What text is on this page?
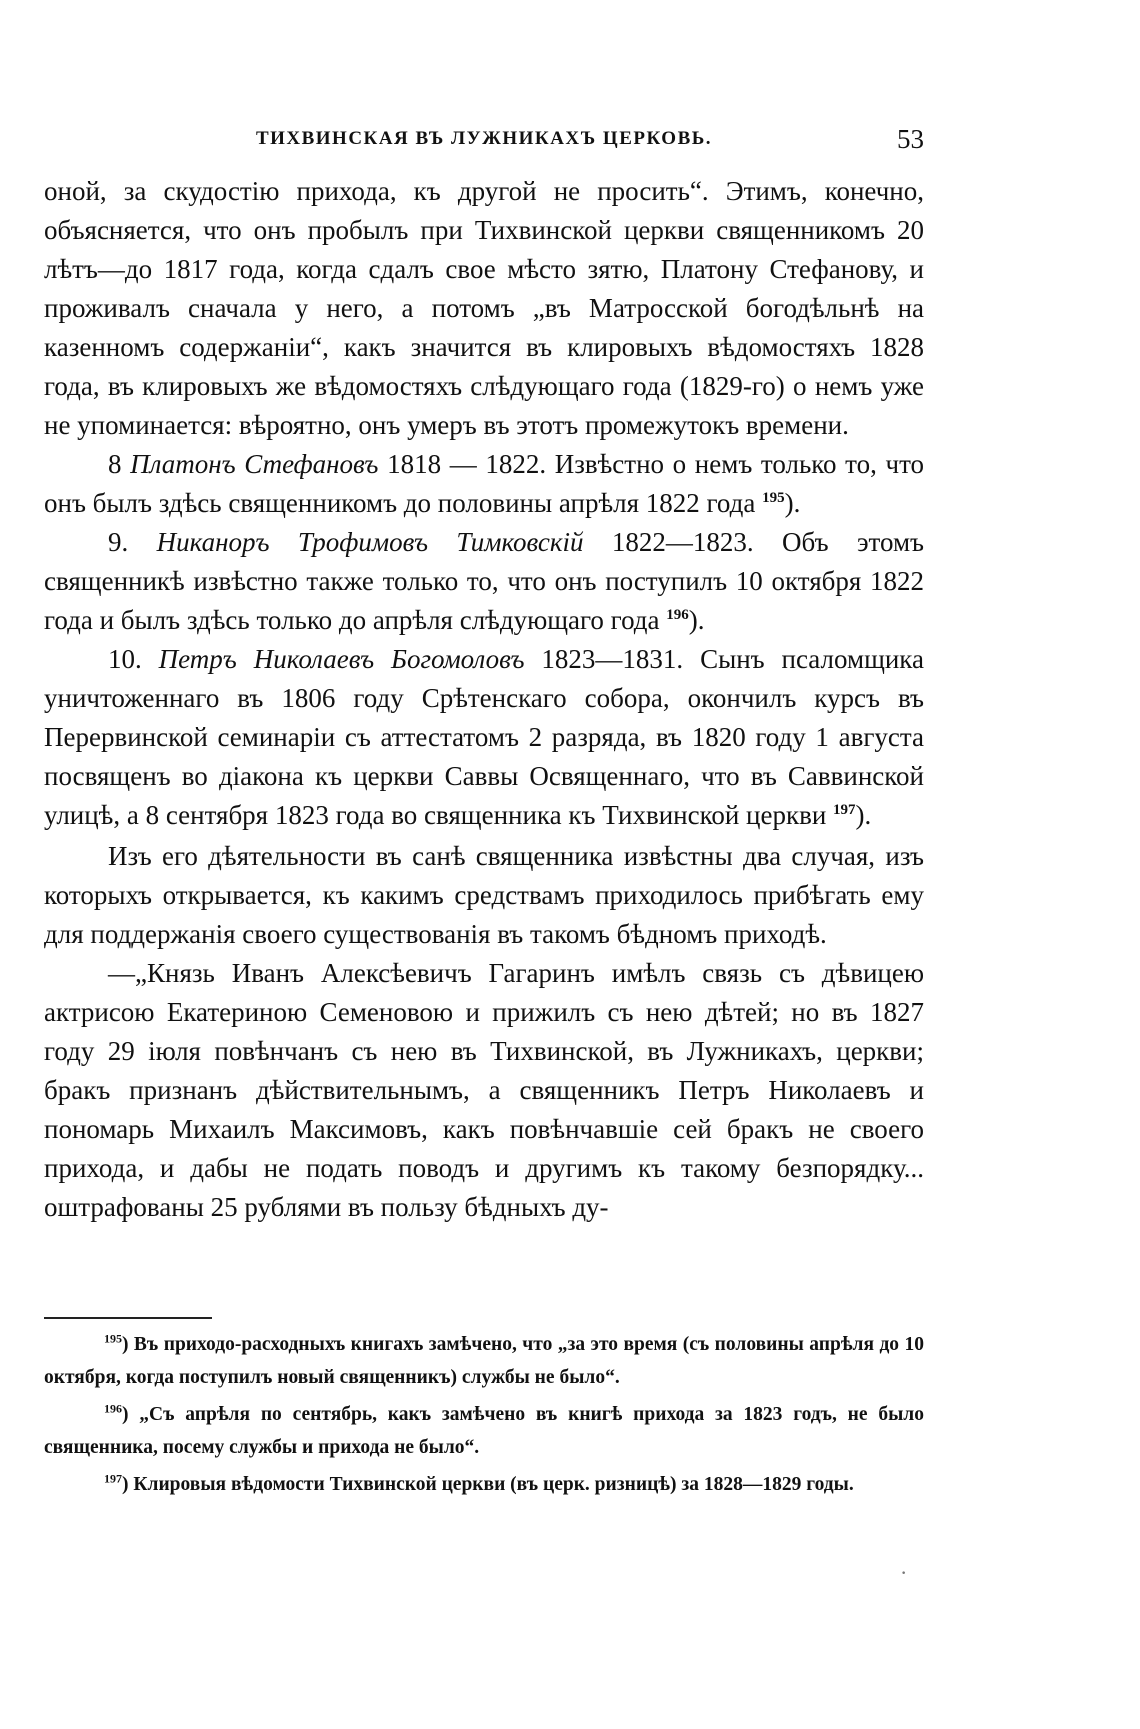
ТИХВИНСКАЯ ВЪ ЛУЖНИКАХЪ ЦЕРКОВЬ.	53

оной, за скудостію прихода, къ другой не просить“. Этимъ, конечно, объясняется, что онъ пробылъ при Тихвинской церкви священникомъ 20 лѣтъ—до 1817 года, когда сдалъ свое мѣсто зятю, Платону Стефанову, и проживалъ сначала у него, а потомъ „въ Матросской богодѣльнѣ на казенномъ содержаніи“, какъ значится въ клировыхъ вѣдомостяхъ 1828 года, въ клировыхъ же вѣдомостяхъ слѣдующаго года (1829-го) о немъ уже не упоминается: вѣроятно, онъ умеръ въ этотъ промежутокъ времени.

8 Платонъ Стефановъ 1818 — 1822. Извѣстно о немъ только то, что онъ былъ здѣсь священникомъ до половины апрѣля 1822 года $^{195}$).

9. Никаноръ Трофимовъ Тимковскій 1822—1823. Объ этомъ священникѣ извѣстно также только то, что онъ поступилъ 10 октября 1822 года и былъ здѣсь только до апрѣля слѣдующаго года $^{196}$).

10. Петръ Николаевъ Богомоловъ 1823—1831. Сынъ псаломщика уничтоженнаго въ 1806 году Срѣтенскаго собора, окончилъ курсъ въ Перервинской семинаріи съ аттестатомъ 2 разряда, въ 1820 году 1 августа посвященъ во діакона къ церкви Саввы Освященнаго, что въ Саввинской улицѣ, а 8 сентября 1823 года во священника къ Тихвинской церкви $^{197}$).

Изъ его дѣятельности въ санѣ священника извѣстны два случая, изъ которыхъ открывается, къ какимъ средствамъ приходилось прибѣгать ему для поддержанія своего существованія въ такомъ бѣдномъ приходѣ.

—„Князь Иванъ Алексѣевичъ Гагаринъ имѣлъ связь съ дѣвицею актрисою Екатериною Семеновою и прижилъ съ нею дѣтей; но въ 1827 году 29 іюля повѣнчанъ съ нею въ Тихвинской, въ Лужникахъ, церкви; бракъ признанъ дѣйствительнымъ, а священникъ Петръ Николаевъ и пономарь Михаилъ Максимовъ, какъ повѣнчавшіе сей бракъ не своего прихода, и дабы не подать поводъ и другимъ къ такому безпорядку... оштрафованы 25 рублями въ пользу бѣдныхъ ду-

$^{195}$) Въ приходо-расходныхъ книгахъ замѣчено, что „за это время (съ половины апрѣля до 10 октября, когда поступилъ новый священникъ) службы не было“.

$^{196}$) „Съ апрѣля по сентябрь, какъ замѣчено въ книгѣ прихода за 1823 годъ, не было священника, посему службы и прихода не было“.

$^{197}$) Клировыя вѣдомости Тихвинской церкви (въ церк. ризницѣ) за 1828—1829 годы.

·
